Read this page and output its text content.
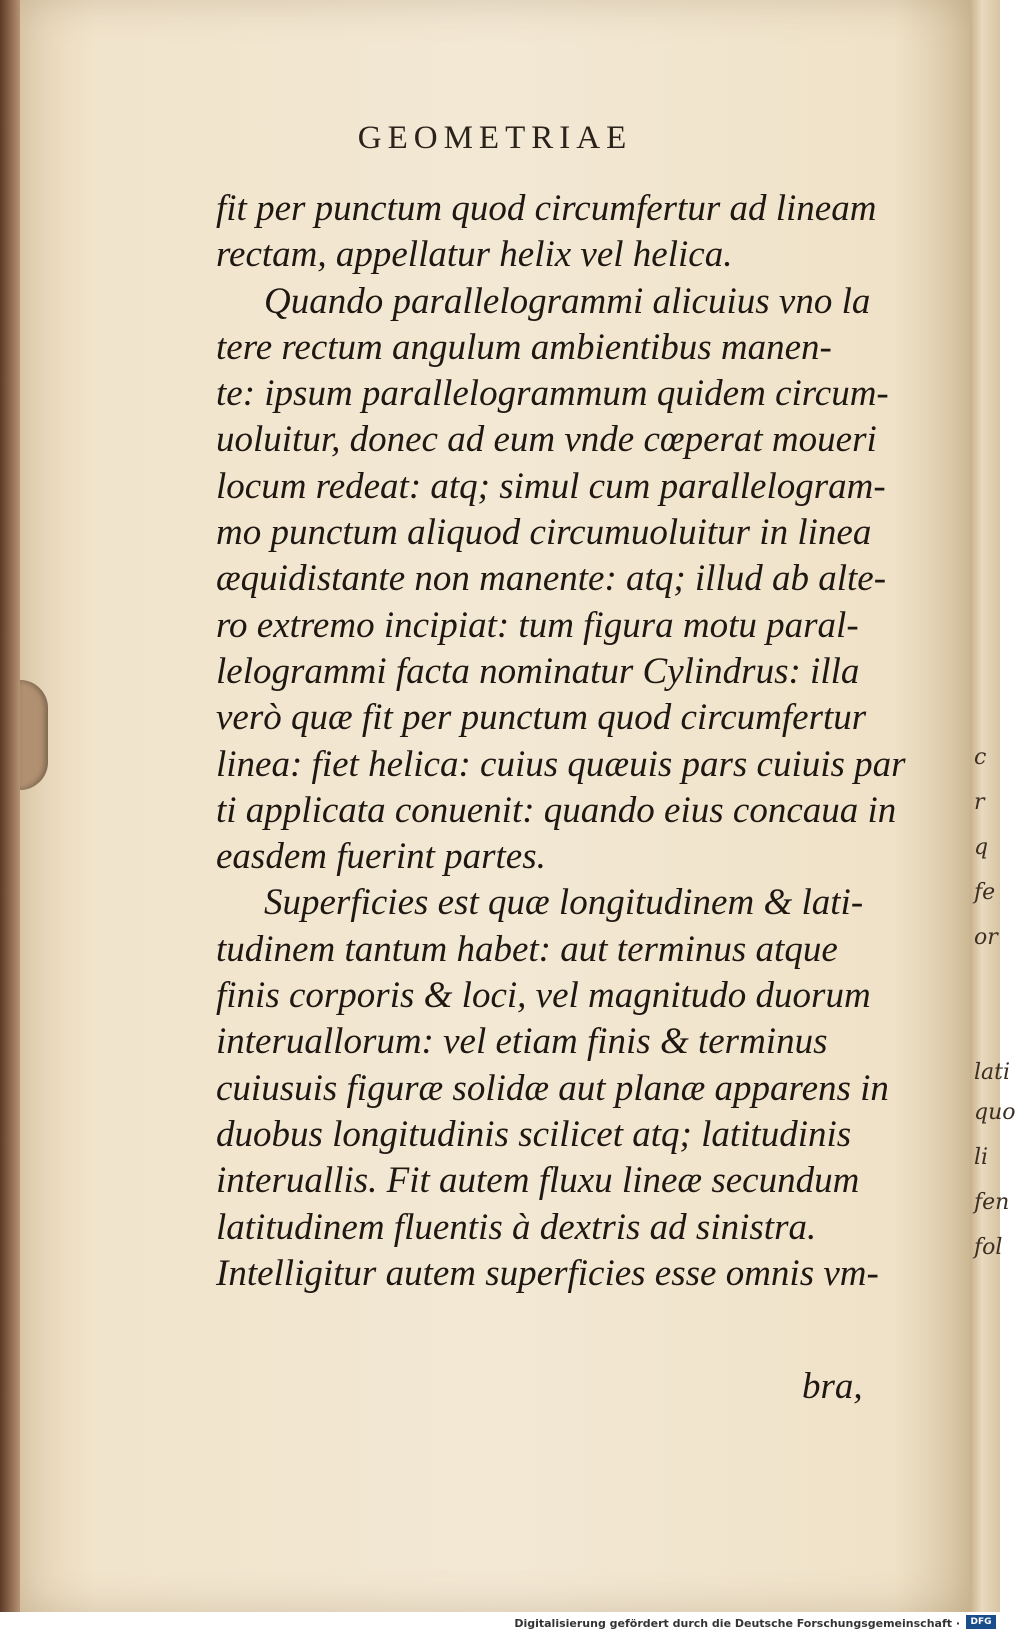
GEOMETRIAE
fit per punctum quod circumfertur ad lineam
rectam, appellatur helix vel helica.
Quando parallelogrammi alicuius vno la
tere rectum angulum ambientibus manen-
te: ipsum parallelogrammum quidem circum-
uoluitur, donec ad eum vnde cœperat moueri
locum redeat: atq; simul cum parallelogram-
mo punctum aliquod circumuoluitur in linea
æquidistante non manente: atq; illud ab alte-
ro extremo incipiat: tum figura motu paral-
lelogrammi facta nominatur Cylindrus: illa
verò quæ fit per punctum quod circumfertur
linea: fiet helica: cuius quæuis pars cuiuis par
ti applicata conuenit: quando eius concaua in
easdem fuerint partes.
Superficies est quæ longitudinem & lati-
tudinem tantum habet: aut terminus atque
finis corporis & loci, vel magnitudo duorum
interuallorum: vel etiam finis & terminus
cuiusuis figuræ solidæ aut planæ apparens in
duobus longitudinis scilicet atq; latitudinis
interuallis. Fit autem fluxu lineæ secundum
latitudinem fluentis à dextris ad sinistra.
Intelligitur autem superficies esse omnis vm-
bra,
c
r
q
fe
or
lati
quo
li
fen
fol
Digitalisierung gefördert durch die Deutsche Forschungsgemeinschaft ·	DFG
